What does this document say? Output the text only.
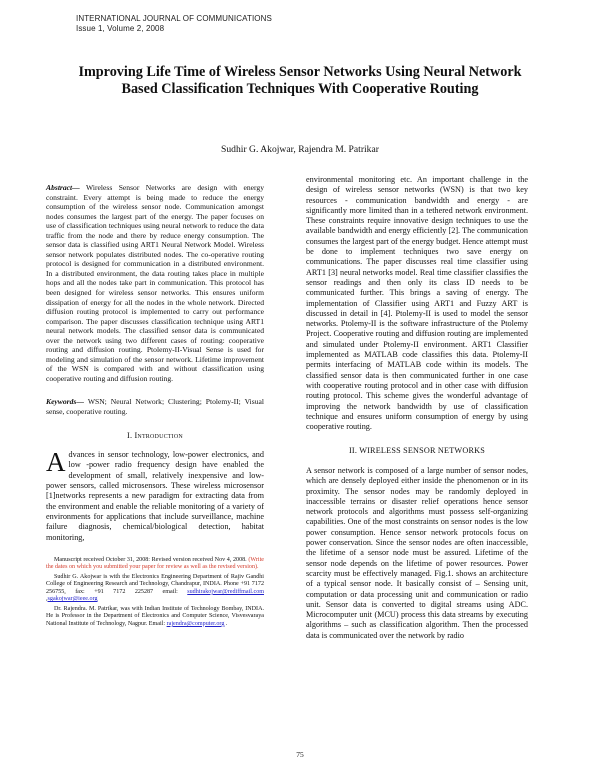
INTERNATIONAL JOURNAL OF COMMUNICATIONS
Issue 1, Volume 2, 2008
Improving Life Time of Wireless Sensor Networks Using Neural Network Based Classification Techniques With Cooperative Routing
Sudhir G. Akojwar, Rajendra M. Patrikar

Abstract— Wireless Sensor Networks are design with energy constraint. Every attempt is being made to reduce the energy consumption of the wireless sensor node. Communication amongst nodes consumes the largest part of the energy. The paper focuses on use of classification techniques using neural network to reduce the data traffic from the node and there by reduce energy consumption. The sensor data is classified using ART1 Neural Network Model. Wireless sensor network populates distributed nodes. The co-operative routing protocol is designed for communication in a distributed environment. In a distributed environment, the data routing takes place in multiple hops and all the nodes take part in communication. This protocol has been designed for wireless sensor networks. This ensures uniform dissipation of energy for all the nodes in the whole network. Directed diffusion routing protocol is implemented to carry out performance comparison. The paper discusses classification technique using ART1 neural network models. The classified sensor data is communicated over the network using two different cases of routing: cooperative routing and diffusion routing. Ptolemy-II-Visual Sense is used for modeling and simulation of the sensor network. Lifetime improvement of the WSN is compared with and without classification using cooperative routing and diffusion routing.

Keywords— WSN; Neural Network; Clustering; Ptolemy-II; Visual sense, cooperative routing.

I. Introduction

Advances in sensor technology, low-power electronics, and low -power radio frequency design have enabled the development of small, relatively inexpensive and low-power sensors, called microsensors. These wireless microsensor [1]networks represents a new paradigm for extracting data from the environment and enable the reliable monitoring of a variety of environments for applications that include surveillance, machine failure diagnosis, chemical/biological detection, habitat monitoring,

Manuscript received October 31, 2008: Revised version received Nov 4, 2008. (Write the dates on which you submitted your paper for review as well as the revised version).

Sudhir G. Akojwar is with the Electronics Engineering Department of Rajiv Gandhi College of Engineering Research and Technology, Chandrapur, INDIA. Phone +91 7172 256755, fax: +91 7172 225287 email: sudhirakojwar@rediffmail.com ,sgakojwar@ieee.org

Dr. Rajendra. M. Patrikar, was with Indian Institute of Technology Bombay, INDIA. He is Professor in the Department of Electronics and Computer Science, Visvesvaraya National Institute of Technology, Nagpur. Email: rajendra@computer.org .

environmental monitoring etc. An important challenge in the design of wireless sensor networks (WSN) is that two key resources - communication bandwidth and energy - are significantly more limited than in a tethered network environment. These constraints require innovative design techniques to use the available bandwidth and energy efficiently [2]. The communication consumes the largest part of the energy budget. Hence attempt must be done to implement techniques two save energy on communications. The paper discusses real time classifier using ART1 [3] neural networks model. Real time classifier classifies the sensor readings and then only its class ID needs to be communicated further. This brings a saving of energy. The implementation of Classifier using ART1 and Fuzzy ART is discussed in detail in [4]. Ptolemy-II is used to model the sensor networks. Ptolemy-II is the software infrastructure of the Ptolemy Project. Cooperative routing and diffusion routing are implemented and simulated under Ptolemy-II environment. ART1 Classifier implemented as MATLAB code classifies this data. Ptolemy-II permits interfacing of MATLAB code within its models. The classified sensor data is then communicated further in one case with cooperative routing protocol and in other case with diffusion routing protocol. This scheme gives the wonderful advantage of improving the network bandwidth by use of classification technique and ensures uniform consumption of energy by using cooperative routing.

II. WIRELESS SENSOR NETWORKS

A sensor network is composed of a large number of sensor nodes, which are densely deployed either inside the phenomenon or in its proximity. The sensor nodes may be randomly deployed in inaccessible terrains or disaster relief operations hence sensor network protocols and algorithms must possess self-organizing capabilities. One of the most constraints on sensor nodes is the low power consumption. Hence sensor network protocols focus on power conservation. Since the sensor nodes are often inaccessible, the lifetime of a sensor node must be assured. Lifetime of the sensor node depends on the lifetime of power resources. Power scarcity must be effectively managed. Fig.1. shows an architecture of a typical sensor node. It basically consist of – Sensing unit, computation or data processing unit and communication or radio unit. Sensor data is converted to digital streams using ADC. Microcomputer unit (MCU) process this data streams by executing algorithms – such as classification algorithm. Then the processed data is communicated over the network by radio

75
